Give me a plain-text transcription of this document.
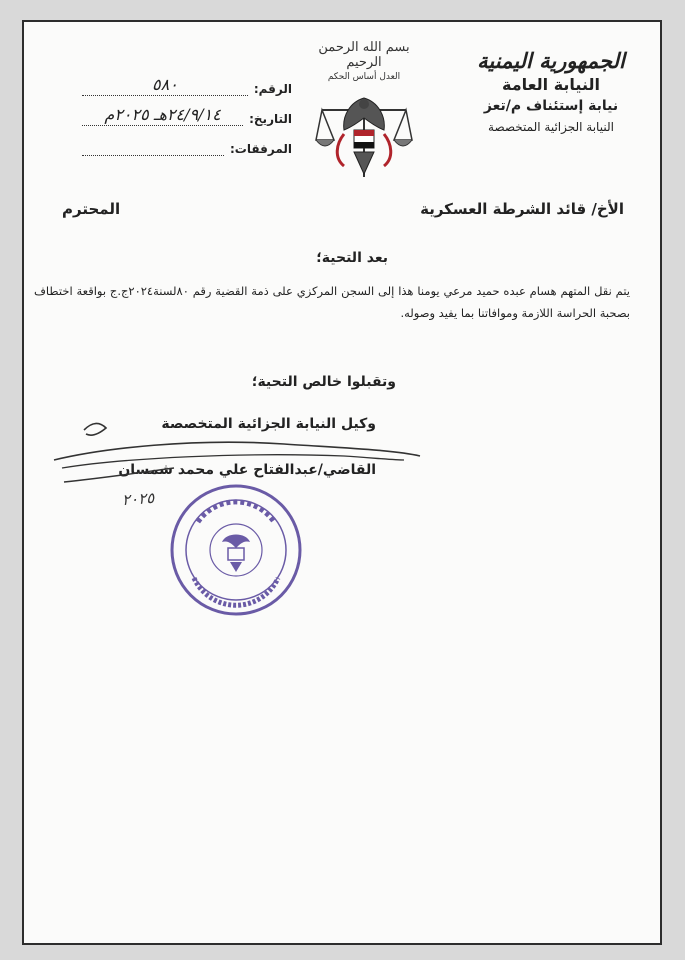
الجمهورية اليمنية
النيابة العامة
نيابة إستئناف م/تعز
النيابة الجزائية المتخصصة
بسم الله الرحمن الرحيم
العدل أساس الحكم
الرقم:
٥٨٠
التاريخ:
٢٤/٩/١٤هـ ٢٠٢٥م
المرفقات:
الأخ/ قائد الشرطة العسكرية
المحترم
بعد التحية؛
يتم نقل المتهم هسام عبده حميد مرعي يومنا هذا إلى السجن المركزي على ذمة القضية رقم ٨٠لسنة٢٠٢٤ج.ج بواقعة اختطاف بصحبة الحراسة اللازمة وموافاتنا بما يفيد وصوله.
وتقبلوا خالص التحية؛
وكيل النيابة الجزائية المتخصصة
القاضي/عبدالفتاح علي محمد شمسان
٢٠٢٥
